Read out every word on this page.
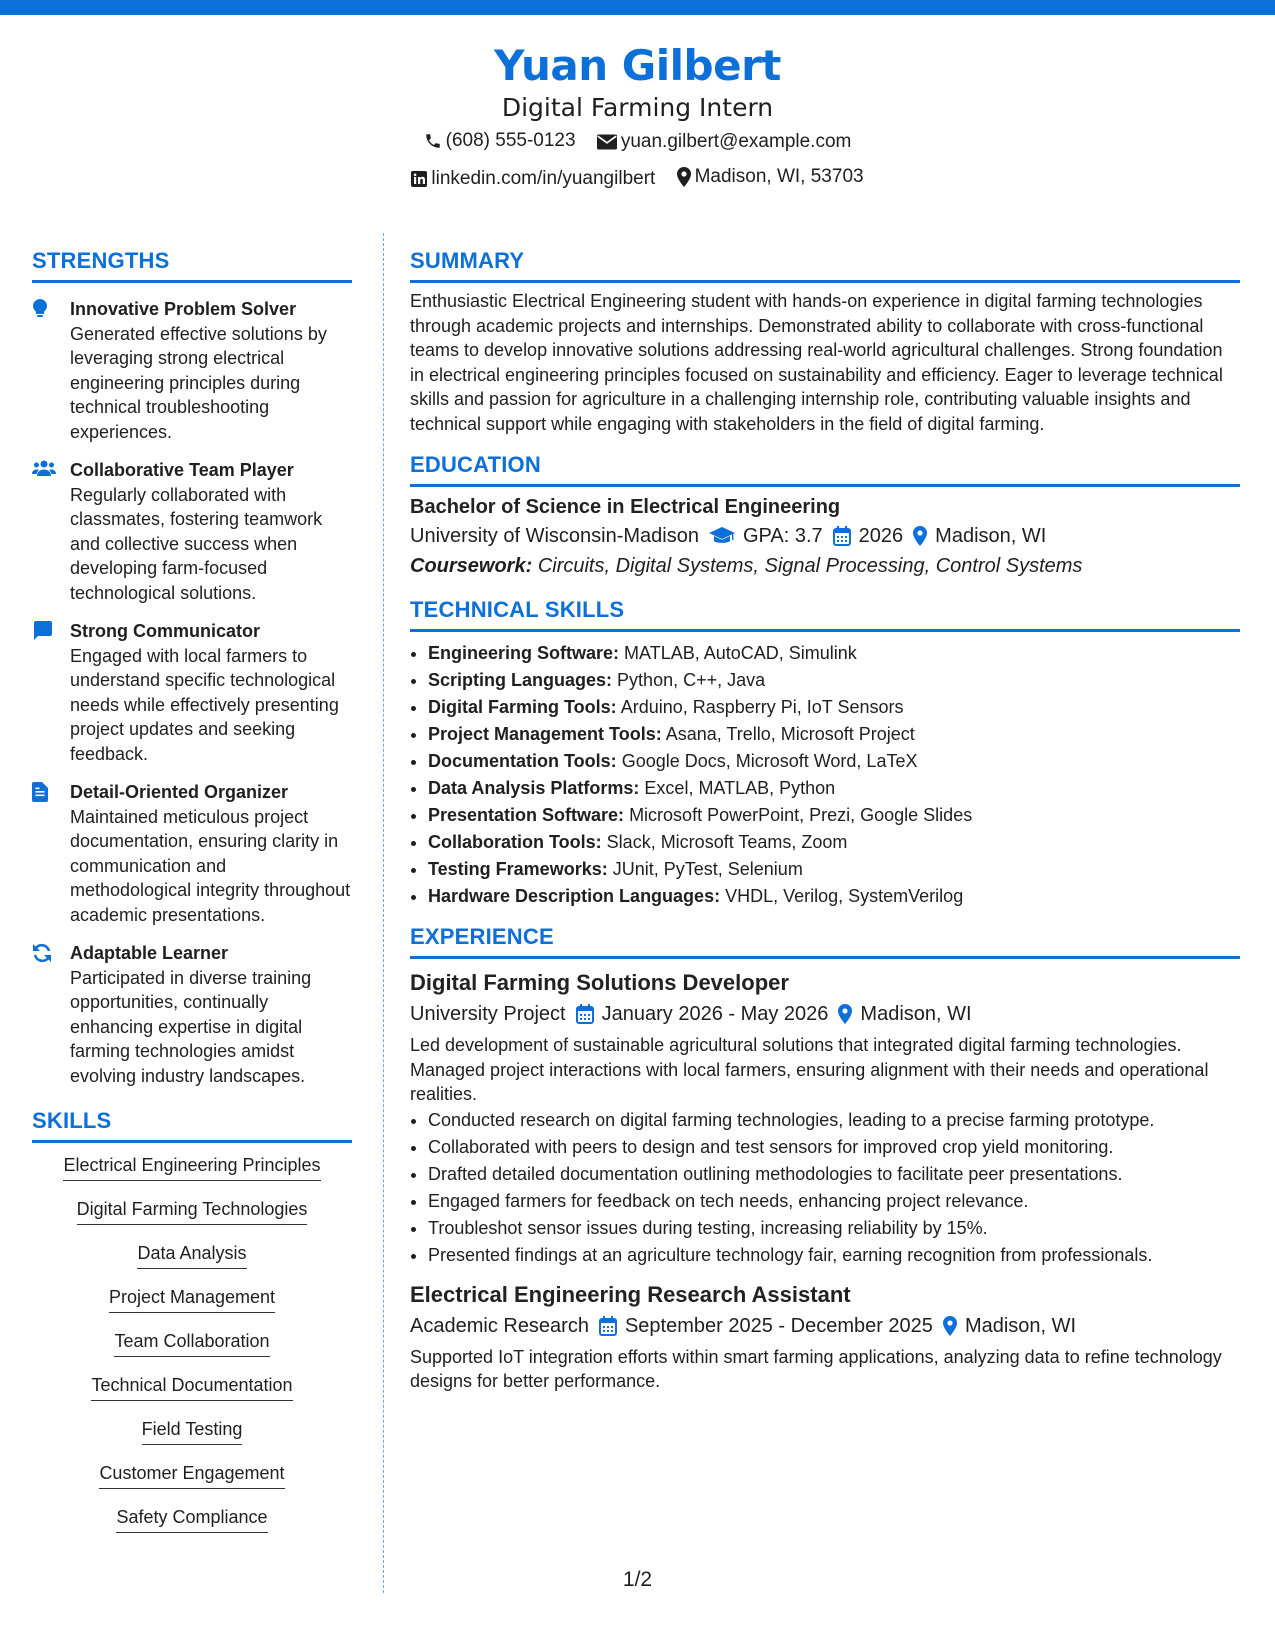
Yuan Gilbert
Digital Farming Intern
(608) 555-0123
yuan.gilbert@example.com
linkedin.com/in/yuangilbert
Madison, WI, 53703
STRENGTHS
Innovative Problem Solver
Generated effective solutions by leveraging strong electrical engineering principles during technical troubleshooting experiences.
Collaborative Team Player
Regularly collaborated with classmates, fostering teamwork and collective success when developing farm-focused technological solutions.
Strong Communicator
Engaged with local farmers to understand specific technological needs while effectively presenting project updates and seeking feedback.
Detail-Oriented Organizer
Maintained meticulous project documentation, ensuring clarity in communication and methodological integrity throughout academic presentations.
Adaptable Learner
Participated in diverse training opportunities, continually enhancing expertise in digital farming technologies amidst evolving industry landscapes.
SKILLS
Electrical Engineering Principles
Digital Farming Technologies
Data Analysis
Project Management
Team Collaboration
Technical Documentation
Field Testing
Customer Engagement
Safety Compliance
SUMMARY
Enthusiastic Electrical Engineering student with hands-on experience in digital farming technologies through academic projects and internships. Demonstrated ability to collaborate with cross-functional teams to develop innovative solutions addressing real-world agricultural challenges. Strong foundation in electrical engineering principles focused on sustainability and efficiency. Eager to leverage technical skills and passion for agriculture in a challenging internship role, contributing valuable insights and technical support while engaging with stakeholders in the field of digital farming.
EDUCATION
Bachelor of Science in Electrical Engineering
University of Wisconsin-Madison GPA: 3.7 2026 Madison, WI
Coursework: Circuits, Digital Systems, Signal Processing, Control Systems
TECHNICAL SKILLS
• Engineering Software: MATLAB, AutoCAD, Simulink
• Scripting Languages: Python, C++, Java
• Digital Farming Tools: Arduino, Raspberry Pi, IoT Sensors
• Project Management Tools: Asana, Trello, Microsoft Project
• Documentation Tools: Google Docs, Microsoft Word, LaTeX
• Data Analysis Platforms: Excel, MATLAB, Python
• Presentation Software: Microsoft PowerPoint, Prezi, Google Slides
• Collaboration Tools: Slack, Microsoft Teams, Zoom
• Testing Frameworks: JUnit, PyTest, Selenium
• Hardware Description Languages: VHDL, Verilog, SystemVerilog
EXPERIENCE
Digital Farming Solutions Developer
University Project January 2026 - May 2026 Madison, WI
Led development of sustainable agricultural solutions that integrated digital farming technologies. Managed project interactions with local farmers, ensuring alignment with their needs and operational realities.
• Conducted research on digital farming technologies, leading to a precise farming prototype.
• Collaborated with peers to design and test sensors for improved crop yield monitoring.
• Drafted detailed documentation outlining methodologies to facilitate peer presentations.
• Engaged farmers for feedback on tech needs, enhancing project relevance.
• Troubleshot sensor issues during testing, increasing reliability by 15%.
• Presented findings at an agriculture technology fair, earning recognition from professionals.
Electrical Engineering Research Assistant
Academic Research September 2025 - December 2025 Madison, WI
Supported IoT integration efforts within smart farming applications, analyzing data to refine technology designs for better performance.
1/2
